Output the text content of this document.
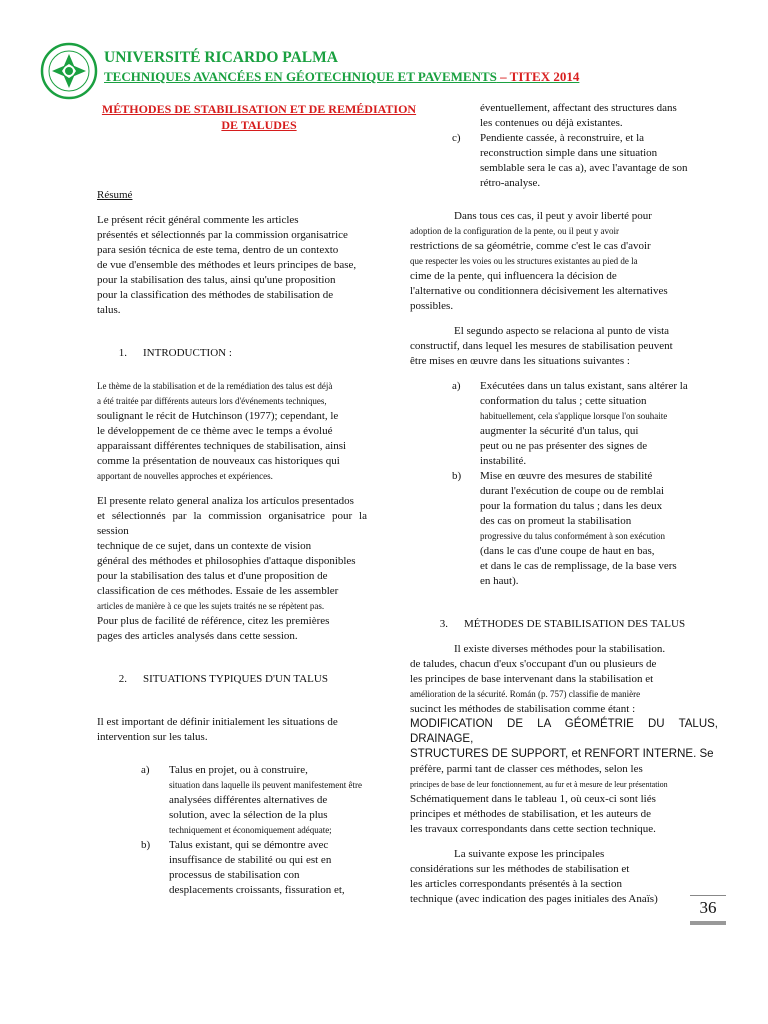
UNIVERSITÉ RICARDO PALMA
TECHNIQUES AVANCÉES EN GÉOTECHNIQUE ET PAVEMENTS – TITEX 2014
MÉTHODES DE STABILISATION ET DE REMÉDIATION DE TALUDES

Résumé

Le présent récit général commente les articles

présentés et sélectionnés par la commission organisatrice

para sesión técnica de este tema, dentro de un contexto

de vue d'ensemble des méthodes et leurs principes de base,

pour la stabilisation des talus, ainsi qu'une proposition

pour la classification des méthodes de stabilisation de

talus.

1.	INTRODUCTION :

Le thème de la stabilisation et de la remédiation des talus est déjà

a été traitée par différents auteurs lors d'événements techniques,

soulignant le récit de Hutchinson (1977); cependant, le

le développement de ce thème avec le temps a évolué

apparaissant différentes techniques de stabilisation, ainsi

comme la présentation de nouveaux cas historiques qui

apportant de nouvelles approches et expériences.

El presente relato general analiza los artículos presentados

et sélectionnés par la commission organisatrice pour la session

technique de ce sujet, dans un contexte de vision

général des méthodes et philosophies d'attaque disponibles

pour la stabilisation des talus et d'une proposition de

classification de ces méthodes. Essaie de les assembler

articles de manière à ce que les sujets traités ne se répètent pas.

Pour plus de facilité de référence, citez les premières

pages des articles analysés dans cette session.

2.	SITUATIONS TYPIQUES D'UN TALUS

Il est important de définir initialement les situations de

intervention sur les talus.

a)	Talus en projet, ou à construire,

situation dans laquelle ils peuvent manifestement être

analysées différentes alternatives de

solution, avec la sélection de la plus

techniquement et économiquement adéquate;

b)	Talus existant, qui se démontre avec

insuffisance de stabilité ou qui est en

processus de stabilisation con

desplacements croissants, fissuration et,

éventuellement, affectant des structures dans

les contenues ou déjà existantes.

c)	Pendiente cassée, à reconstruire, et la

reconstruction simple dans une situation

semblable sera le cas a), avec l'avantage de son

rétro-analyse.

Dans tous ces cas, il peut y avoir liberté pour

adoption de la configuration de la pente, ou il peut y avoir

restrictions de sa géométrie, comme c'est le cas d'avoir

que respecter les voies ou les structures existantes au pied de la

cime de la pente, qui influencera la décision de

l'alternative ou conditionnera décisivement les alternatives

possibles.

El segundo aspecto se relaciona al punto de vista

constructif, dans lequel les mesures de stabilisation peuvent

être mises en œuvre dans les situations suivantes :

a)	Exécutées dans un talus existant, sans altérer la

conformation du talus ; cette situation

habituellement, cela s'applique lorsque l'on souhaite

augmenter la sécurité d'un talus, qui

peut ou ne pas présenter des signes de

instabilité.

b)	Mise en œuvre des mesures de stabilité

durant l'exécution de coupe ou de remblai

pour la formation du talus ; dans les deux

des cas on promeut la stabilisation

progressive du talus conformément à son exécution

(dans le cas d'une coupe de haut en bas,

et dans le cas de remplissage, de la base vers

en haut).

3.	MÉTHODES DE STABILISATION DES TALUS

Il existe diverses méthodes pour la stabilisation.

de taludes, chacun d'eux s'occupant d'un ou plusieurs de

les principes de base intervenant dans la stabilisation et

amélioration de la sécurité. Román (p. 757) classifie de manière

sucinct les méthodes de stabilisation comme étant :

MODIFICATION DE LA GÉOMÉTRIE DU TALUS, DRAINAGE,

STRUCTURES DE SUPPORT, et RENFORT INTERNE. Se

préfère, parmi tant de classer ces méthodes, selon les

principes de base de leur fonctionnement, au fur et à mesure de leur présentation

Schématiquement dans le tableau 1, où ceux-ci sont liés

principes et méthodes de stabilisation, et les auteurs de

les travaux correspondants dans cette section technique.

La suivante expose les principales

considérations sur les méthodes de stabilisation et

les articles correspondants présentés à la section

technique (avec indication des pages initiales des Anaïs)	36
